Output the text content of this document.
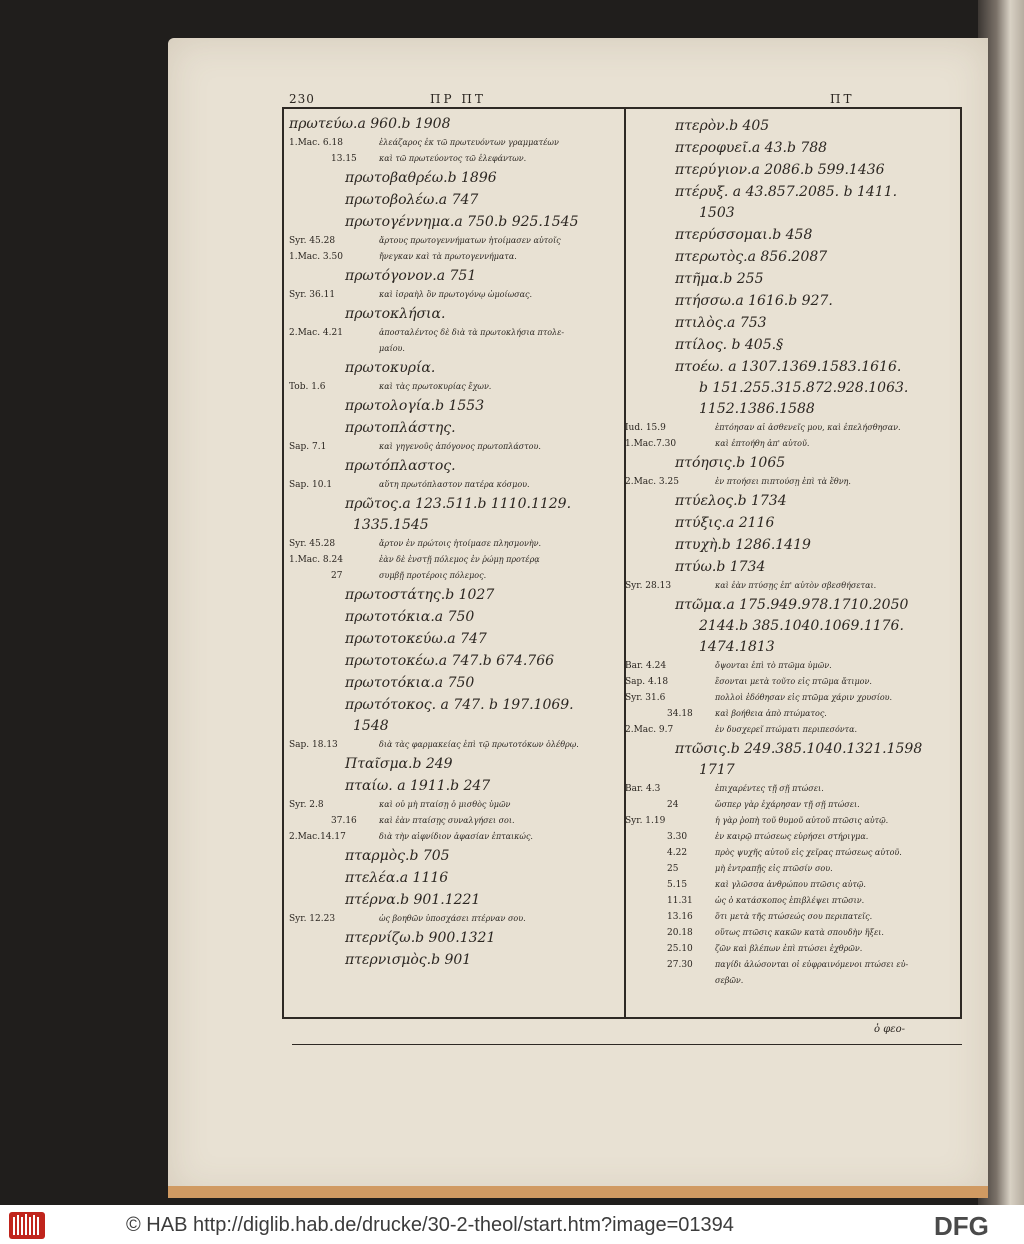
230	ΠΡ ΠΤ	ΠΤ
πρωτεύω.a 960.b 1908
1.Mac. 6.18	ἐλεάζαρος ἐκ τῶ πρωτευόντων γραμματέων
13.15	καὶ τῶ πρωτεύοντος τῶ ἐλεφάντων.
πρωτοβαθρέω.b 1896
πρωτοβολέω.a 747
πρωτογέννημα.a 750.b 925.1545
Syr. 45.28	ἄρτους πρωτογεννήματων ἡτοίμασεν αὐτοῖς
1.Mac. 3.50	ἤνεγκαν καὶ τὰ πρωτογεννήματα.
πρωτόγονον.a 751
Syr. 36.11	καὶ ἰσραὴλ ὃν πρωτογόνῳ ὡμοίωσας.
πρωτοκλήσια.
2.Mac. 4.21	ἀποσταλέντος δὲ διὰ τὰ πρωτοκλήσια πτολε-
μαίου.
πρωτοκυρία.
Tob. 1.6	καὶ τὰς πρωτοκυρίας ἔχων.
πρωτολογία.b 1553
πρωτοπλάστης.
Sap. 7.1	καὶ γηγενοῦς ἀπόγονος πρωτοπλάστου.
πρωτόπλαστος.
Sap. 10.1	αὕτη πρωτόπλαστον πατέρα κόσμου.
πρῶτος.a 123.511.b 1110.1129.
1335.1545
Syr. 45.28	ἄρτον ἐν πρώτοις ἡτοίμασε πλησμονὴν.
1.Mac. 8.24	ἐὰν δὲ ἐνστῇ πόλεμος ἐν ῥώμῃ προτέρᾳ
27	συμβῇ προτέροις πόλεμος.
πρωτοστάτης.b 1027
πρωτοτόκια.a 750
πρωτοτοκεύω.a 747
πρωτοτοκέω.a 747.b 674.766
πρωτοτόκια.a 750
πρωτότοκος. a 747. b 197.1069.
1548
Sap. 18.13	διὰ τὰς φαρμακείας ἐπὶ τῷ πρωτοτόκων ὀλέθρῳ.
Πταῖσμα.b 249
πταίω. a 1911.b 247
Syr. 2.8	καὶ οὐ μὴ πταίσῃ ὁ μισθὸς ὑμῶν
37.16	καὶ ἐὰν πταίσῃς συναλγήσει σοι.
2.Mac.14.17	διὰ τὴν αἰφνίδιον ἀφασίαν ἐπταικώς.
πταρμὸς.b 705
πτελέα.a 1116
πτέρνα.b 901.1221
Syr. 12.23	ὡς βοηθῶν ὑποσχάσει πτέρναν σου.
πτερνίζω.b 900.1321
πτερνισμὸς.b 901
πτερὸν.b 405
πτεροφυεῖ.a 43.b 788
πτερύγιον.a 2086.b 599.1436
πτέρυξ. a 43.857.2085. b 1411.
1503
πτερύσσομαι.b 458
πτερωτὸς.a 856.2087
πτῆμα.b 255
πτήσσω.a 1616.b 927.
πτιλὸς.a 753
πτίλος. b 405.§
πτοέω. a 1307.1369.1583.1616.
b 151.255.315.872.928.1063.
1152.1386.1588
Iud. 15.9	ἐπτόησαν αἱ ἀσθενεῖς μου, καὶ ἐπελήσθησαν.
1.Mac.7.30	καὶ ἐπτοήθη ἀπ' αὐτοῦ.
πτόησις.b 1065
2.Mac. 3.25	ἐν πτοήσει πιπτούσῃ ἐπὶ τὰ ἔθνη.
πτύελος.b 1734
πτύξις.a 2116
πτυχὴ.b 1286.1419
πτύω.b 1734
Syr. 28.13	καὶ ἐὰν πτύσῃς ἐπ' αὐτὸν σβεσθήσεται.
πτῶμα.a 175.949.978.1710.2050
2144.b 385.1040.1069.1176.
1474.1813
Bar. 4.24	ὄψονται ἐπὶ τὸ πτῶμα ὑμῶν.
Sap. 4.18	ἔσονται μετὰ τοῦτο εἰς πτῶμα ἄτιμον.
Syr. 31.6	πολλοὶ ἐδόθησαν εἰς πτῶμα χάριν χρυσίου.
34.18	καὶ βοήθεια ἀπὸ πτώματος.
2.Mac. 9.7	ἐν δυσχερεῖ πτώματι περιπεσόντα.
πτῶσις.b 249.385.1040.1321.1598
1717
Bar. 4.3	ἐπιχαρέντες τῇ σῇ πτώσει.
24	ὥσπερ γὰρ ἐχάρησαν τῇ σῇ πτώσει.
Syr. 1.19	ἡ γὰρ ῥοπὴ τοῦ θυμοῦ αὐτοῦ πτῶσις αὐτῷ.
3.30	ἐν καιρῷ πτώσεως εὑρήσει στήριγμα.
4.22	πρὸς ψυχῆς αὐτοῦ εἰς χεῖρας πτώσεως αὐτοῦ.
25	μὴ ἐντραπῇς εἰς πτῶσίν σου.
5.15	καὶ γλῶσσα ἀνθρώπου πτῶσις αὐτῷ.
11.31	ὡς ὁ κατάσκοπος ἐπιβλέψει πτῶσιν.
13.16	ὅτι μετὰ τῆς πτώσεώς σου περιπατεῖς.
20.18	οὕτως πτῶσις κακῶν κατὰ σπουδὴν ἥξει.
25.10	ζῶν καὶ βλέπων ἐπὶ πτώσει ἐχθρῶν.
27.30	παγίδι ἁλώσονται οἱ εὐφραινόμενοι πτώσει εὐ-
σεβῶν.
ὁ φεο-
© HAB http://diglib.hab.de/drucke/30-2-theol/start.htm?image=01394	DFG
